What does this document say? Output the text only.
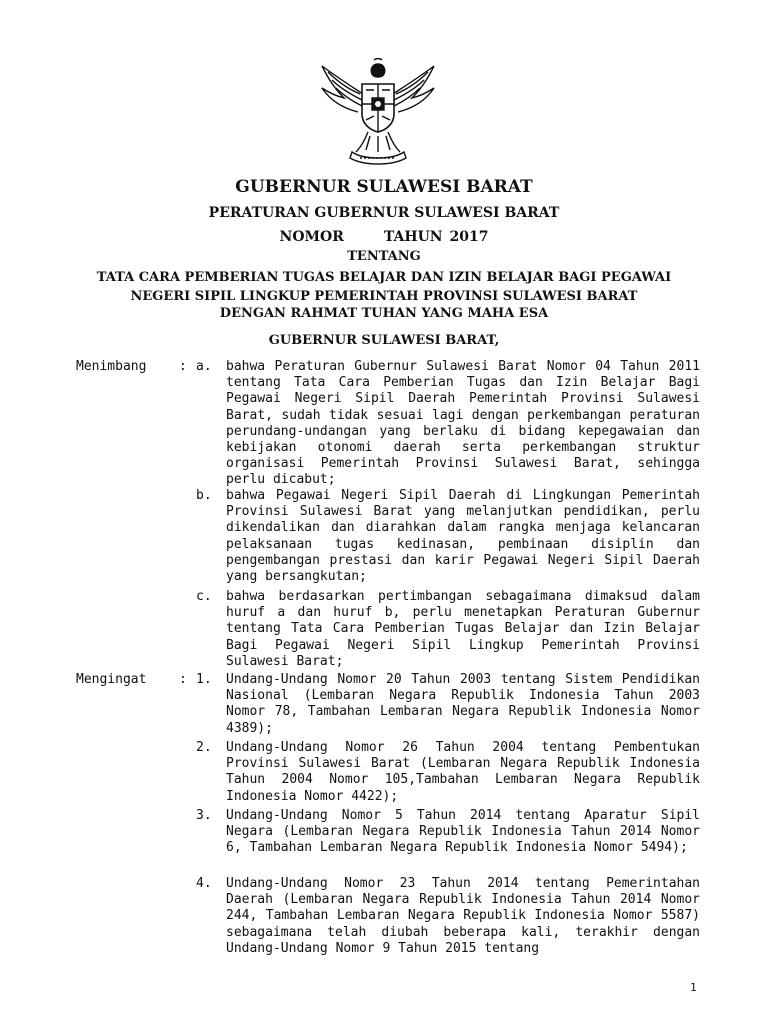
GUBERNUR SULAWESI BARAT
PERATURAN GUBERNUR SULAWESI BARAT
NOMOR	TAHUN 2017
TENTANG
TATA CARA PEMBERIAN TUGAS BELAJAR DAN IZIN BELAJAR BAGI PEGAWAI
NEGERI SIPIL LINGKUP PEMERINTAH PROVINSI SULAWESI BARAT
DENGAN RAHMAT TUHAN YANG MAHA ESA
GUBERNUR SULAWESI BARAT,
Menimbang	: a.	bahwa Peraturan Gubernur Sulawesi Barat Nomor 04 Tahun 2011 tentang Tata Cara Pemberian Tugas dan Izin Belajar Bagi Pegawai Negeri Sipil Daerah Pemerintah Provinsi Sulawesi Barat, sudah tidak sesuai lagi dengan perkembangan peraturan perundang-undangan yang berlaku di bidang kepegawaian dan kebijakan otonomi daerah serta perkembangan struktur organisasi Pemerintah Provinsi Sulawesi Barat, sehingga perlu dicabut;
b.	bahwa Pegawai Negeri Sipil Daerah di Lingkungan Pemerintah Provinsi Sulawesi Barat yang melanjutkan pendidikan, perlu dikendalikan dan diarahkan dalam rangka menjaga kelancaran pelaksanaan tugas kedinasan, pembinaan disiplin dan pengembangan prestasi dan karir Pegawai Negeri Sipil Daerah yang bersangkutan;
c.	bahwa berdasarkan pertimbangan sebagaimana dimaksud dalam huruf a dan huruf b, perlu menetapkan Peraturan Gubernur tentang Tata Cara Pemberian Tugas Belajar dan Izin Belajar Bagi Pegawai Negeri Sipil Lingkup Pemerintah Provinsi Sulawesi Barat;
Mengingat	: 1.	Undang-Undang Nomor 20 Tahun 2003 tentang Sistem Pendidikan Nasional (Lembaran Negara Republik Indonesia Tahun 2003 Nomor 78, Tambahan Lembaran Negara Republik Indonesia Nomor 4389);
2.	Undang-Undang Nomor 26 Tahun 2004 tentang Pembentukan Provinsi Sulawesi Barat (Lembaran Negara Republik Indonesia Tahun 2004 Nomor 105,Tambahan Lembaran Negara Republik Indonesia Nomor 4422);
3.	Undang-Undang Nomor 5 Tahun 2014 tentang Aparatur Sipil Negara (Lembaran Negara Republik Indonesia Tahun 2014 Nomor 6, Tambahan Lembaran Negara Republik Indonesia Nomor 5494);
4.	Undang-Undang Nomor 23 Tahun 2014 tentang Pemerintahan Daerah (Lembaran Negara Republik Indonesia Tahun 2014 Nomor 244, Tambahan Lembaran Negara Republik Indonesia Nomor 5587) sebagaimana telah diubah beberapa kali, terakhir dengan Undang-Undang Nomor 9 Tahun 2015 tentang
1
